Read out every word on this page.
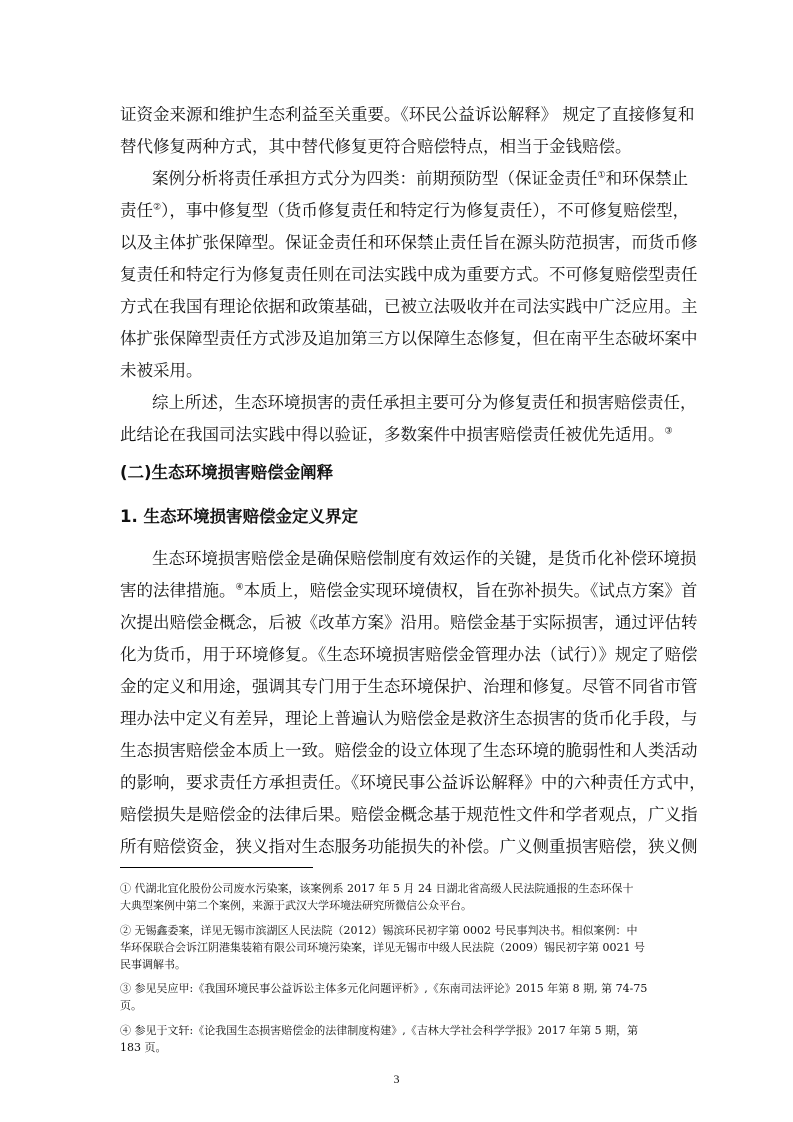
证资金来源和维护生态利益至关重要。《环民公益诉讼解释》 规定了直接修复和
替代修复两种方式，其中替代修复更符合赔偿特点，相当于金钱赔偿。
案例分析将责任承担方式分为四类：前期预防型（保证金责任①和环保禁止
责任②），事中修复型（货币修复责任和特定行为修复责任），不可修复赔偿型，
以及主体扩张保障型。保证金责任和环保禁止责任旨在源头防范损害，而货币修
复责任和特定行为修复责任则在司法实践中成为重要方式。不可修复赔偿型责任
方式在我国有理论依据和政策基础，已被立法吸收并在司法实践中广泛应用。主
体扩张保障型责任方式涉及追加第三方以保障生态修复，但在南平生态破坏案中
未被采用。
综上所述，生态环境损害的责任承担主要可分为修复责任和损害赔偿责任，
此结论在我国司法实践中得以验证，多数案件中损害赔偿责任被优先适用。③
(二)生态环境损害赔偿金阐释
1. 生态环境损害赔偿金定义界定
生态环境损害赔偿金是确保赔偿制度有效运作的关键，是货币化补偿环境损
害的法律措施。④本质上，赔偿金实现环境债权，旨在弥补损失。《试点方案》首
次提出赔偿金概念，后被《改革方案》沿用。赔偿金基于实际损害，通过评估转
化为货币，用于环境修复。《生态环境损害赔偿金管理办法（试行）》规定了赔偿
金的定义和用途，强调其专门用于生态环境保护、治理和修复。尽管不同省市管
理办法中定义有差异，理论上普遍认为赔偿金是救济生态损害的货币化手段，与
生态损害赔偿金本质上一致。赔偿金的设立体现了生态环境的脆弱性和人类活动
的影响，要求责任方承担责任。《环境民事公益诉讼解释》中的六种责任方式中，
赔偿损失是赔偿金的法律后果。赔偿金概念基于规范性文件和学者观点，广义指
所有赔偿资金，狭义指对生态服务功能损失的补偿。广义侧重损害赔偿，狭义侧
① 代湖北宜化股份公司废水污染案，该案例系 2017 年 5 月 24 日湖北省高级人民法院通报的生态环保十
大典型案例中第二个案例，来源于武汉大学环境法研究所微信公众平台。
② 无锡鑫委案，详见无锡市滨湖区人民法院（2012）锡滨环民初字第 0002 号民事判决书。相似案例：中
华环保联合会诉江阴港集装箱有限公司环境污染案，详见无锡市中级人民法院（2009）锡民初字第 0021 号
民事调解书。
③ 参见吴应甲:《我国环境民事公益诉讼主体多元化问题评析》,《东南司法评论》2015 年第 8 期, 第 74-75
页。
④ 参见于文轩:《论我国生态损害赔偿金的法律制度构建》,《吉林大学社会科学学报》2017 年第 5 期，第
183 页。
3
